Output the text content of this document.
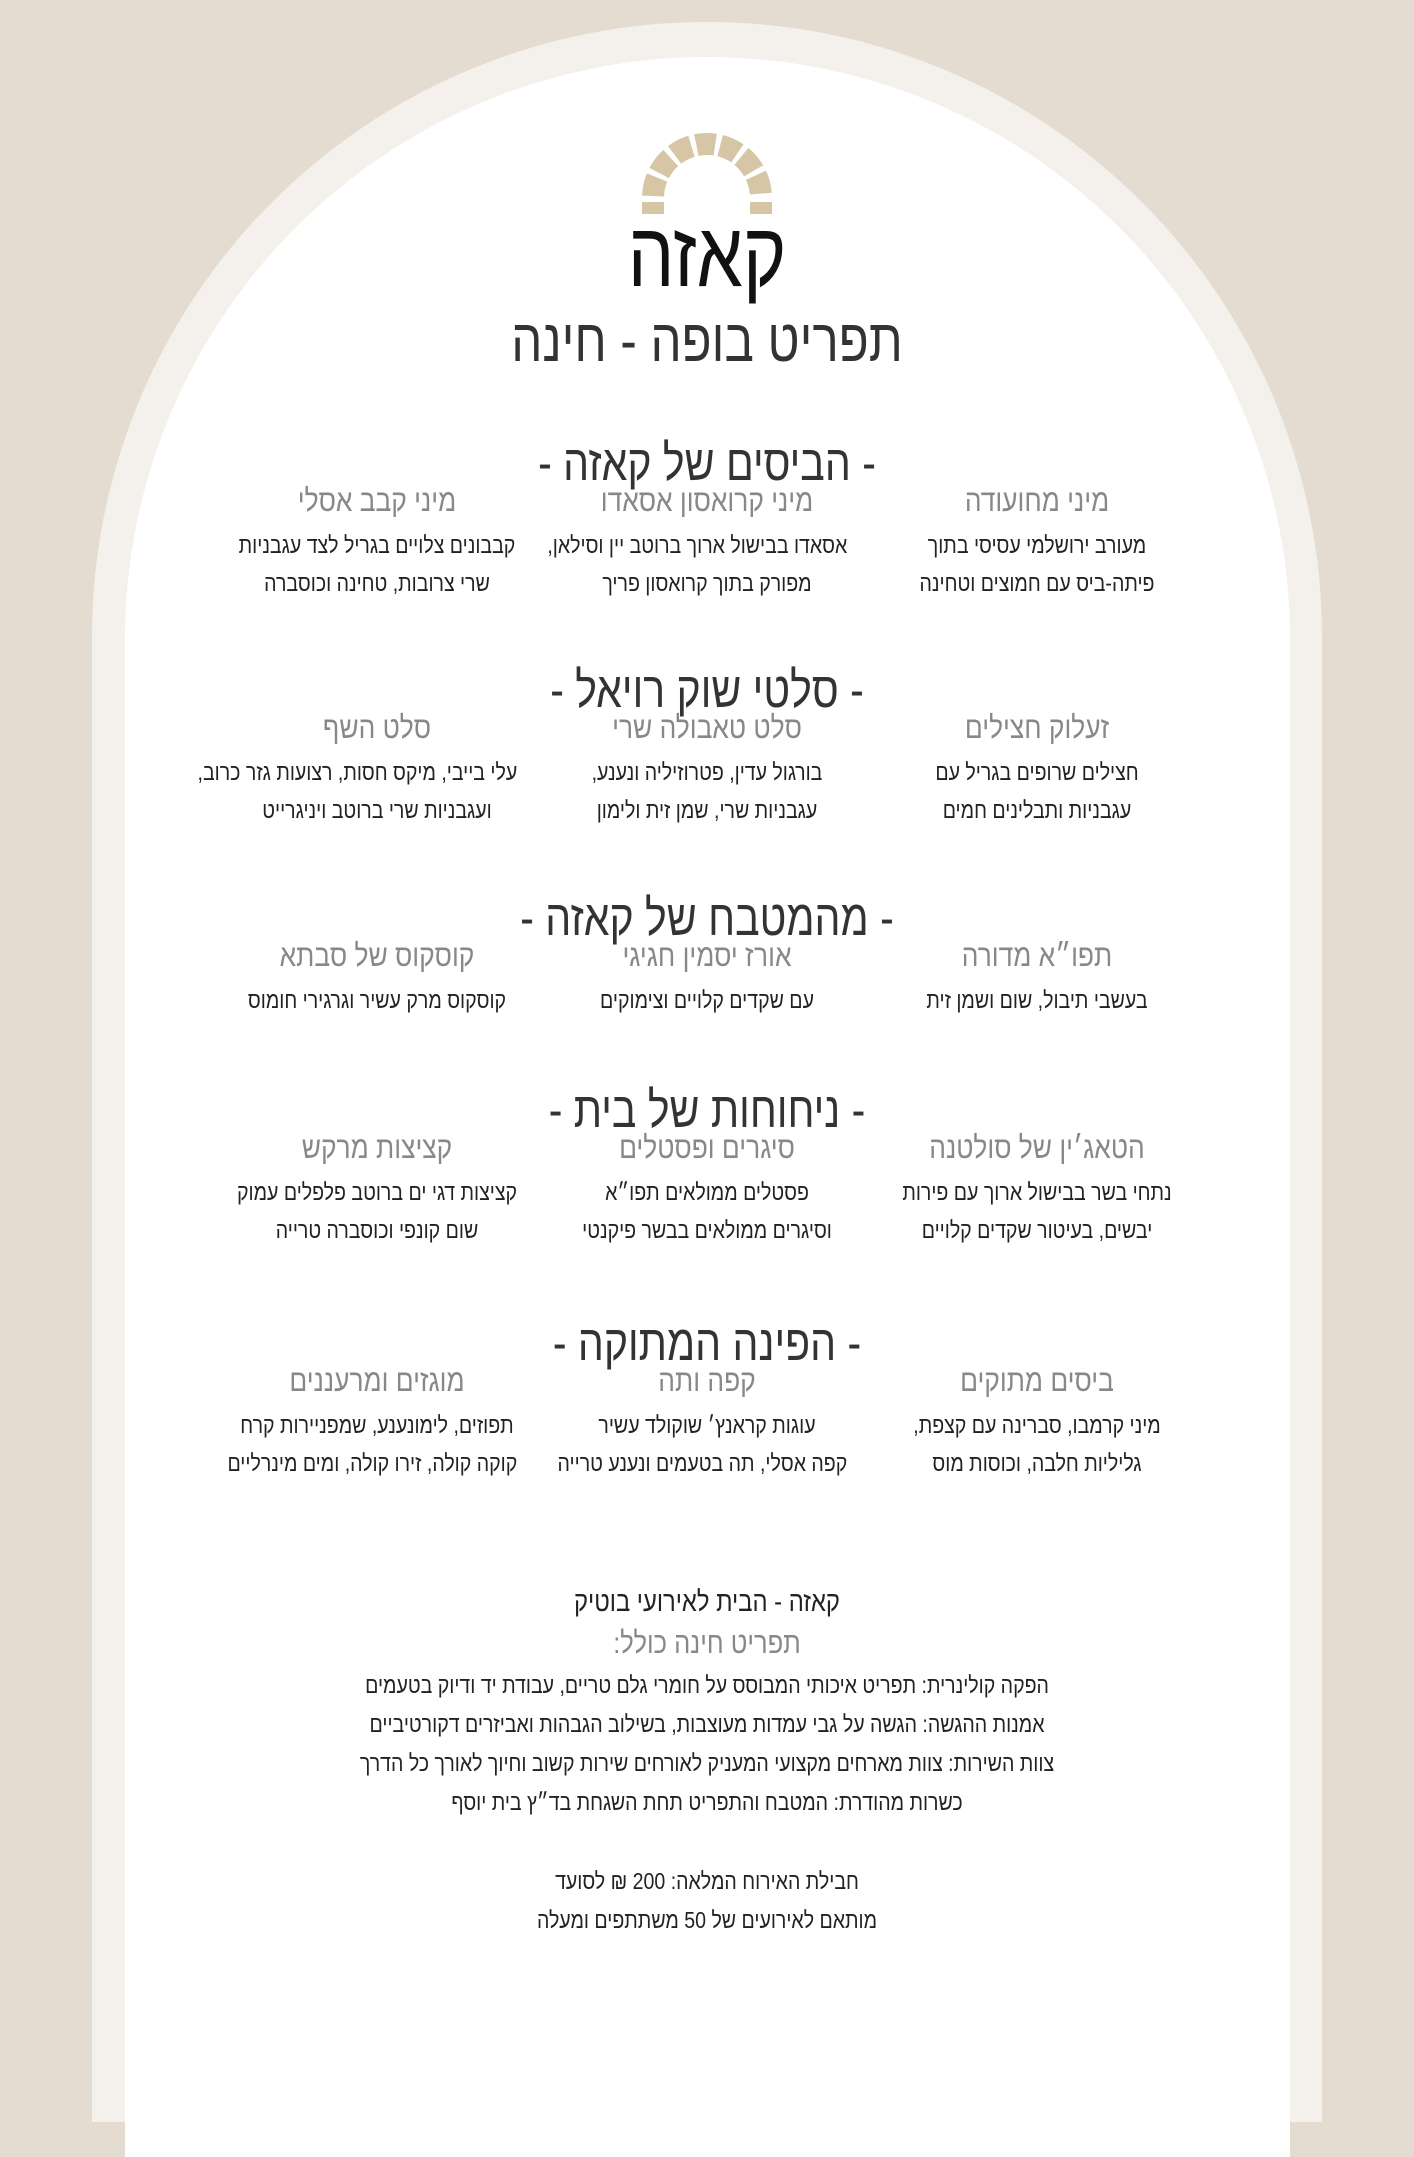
קאזה
תפריט בופה - חינה
- הביסים של קאזה -
מיני מחועודה
מעורב ירושלמי עסיסי בתוך
פיתה-ביס עם חמוצים וטחינה
מיני קרואסון אסאדו
אסאדו בבישול ארוך ברוטב יין וסילאן,
מפורק בתוך קרואסון פריך
מיני קבב אסלי
קבבונים צלויים בגריל לצד עגבניות
שרי צרובות, טחינה וכוסברה
- סלטי שוק רויאל -
זעלוק חצילים
חצילים שרופים בגריל עם
עגבניות ותבלינים חמים
סלט טאבולה שרי
בורגול עדין, פטרוזיליה ונענע,
עגבניות שרי, שמן זית ולימון
סלט השף
עלי בייבי, מיקס חסות, רצועות גזר כרוב,
ועגבניות שרי ברוטב ויניגרייט
- מהמטבח של קאזה -
תפו״א מדורה
בעשבי תיבול, שום ושמן זית
אורז יסמין חגיגי
עם שקדים קלויים וצימוקים
קוסקוס של סבתא
קוסקוס מרק עשיר וגרגירי חומוס
- ניחוחות של בית -
הטאג׳ין של סולטנה
נתחי בשר בבישול ארוך עם פירות
יבשים, בעיטור שקדים קלויים
סיגרים ופסטלים
פסטלים ממולאים תפו״א
וסיגרים ממולאים בבשר פיקנטי
קציצות מרקש
קציצות דגי ים ברוטב פלפלים עמוק
שום קונפי וכוסברה טרייה
- הפינה המתוקה -
ביסים מתוקים
מיני קרמבו, סברינה עם קצפת,
גליליות חלבה, וכוסות מוס
קפה ותה
עוגות קראנץ׳ שוקולד עשיר
קפה אסלי, תה בטעמים ונענע טרייה
מוגזים ומרעננים
תפוזים, לימונענע, שמפניירות קרח
קוקה קולה, זירו קולה, ומים מינרליים
קאזה - הבית לאירועי בוטיק
תפריט חינה כולל:
הפקה קולינרית: תפריט איכותי המבוסס על חומרי גלם טריים, עבודת יד ודיוק בטעמים
אמנות ההגשה: הגשה על גבי עמדות מעוצבות, בשילוב הגבהות ואביזרים דקורטיביים
צוות השירות: צוות מארחים מקצועי המעניק לאורחים שירות קשוב וחיוך לאורך כל הדרך
כשרות מהודרת: המטבח והתפריט תחת השגחת בד״ץ בית יוסף
חבילת האירוח המלאה: 200 ₪ לסועד
מותאם לאירועים של 50 משתתפים ומעלה
